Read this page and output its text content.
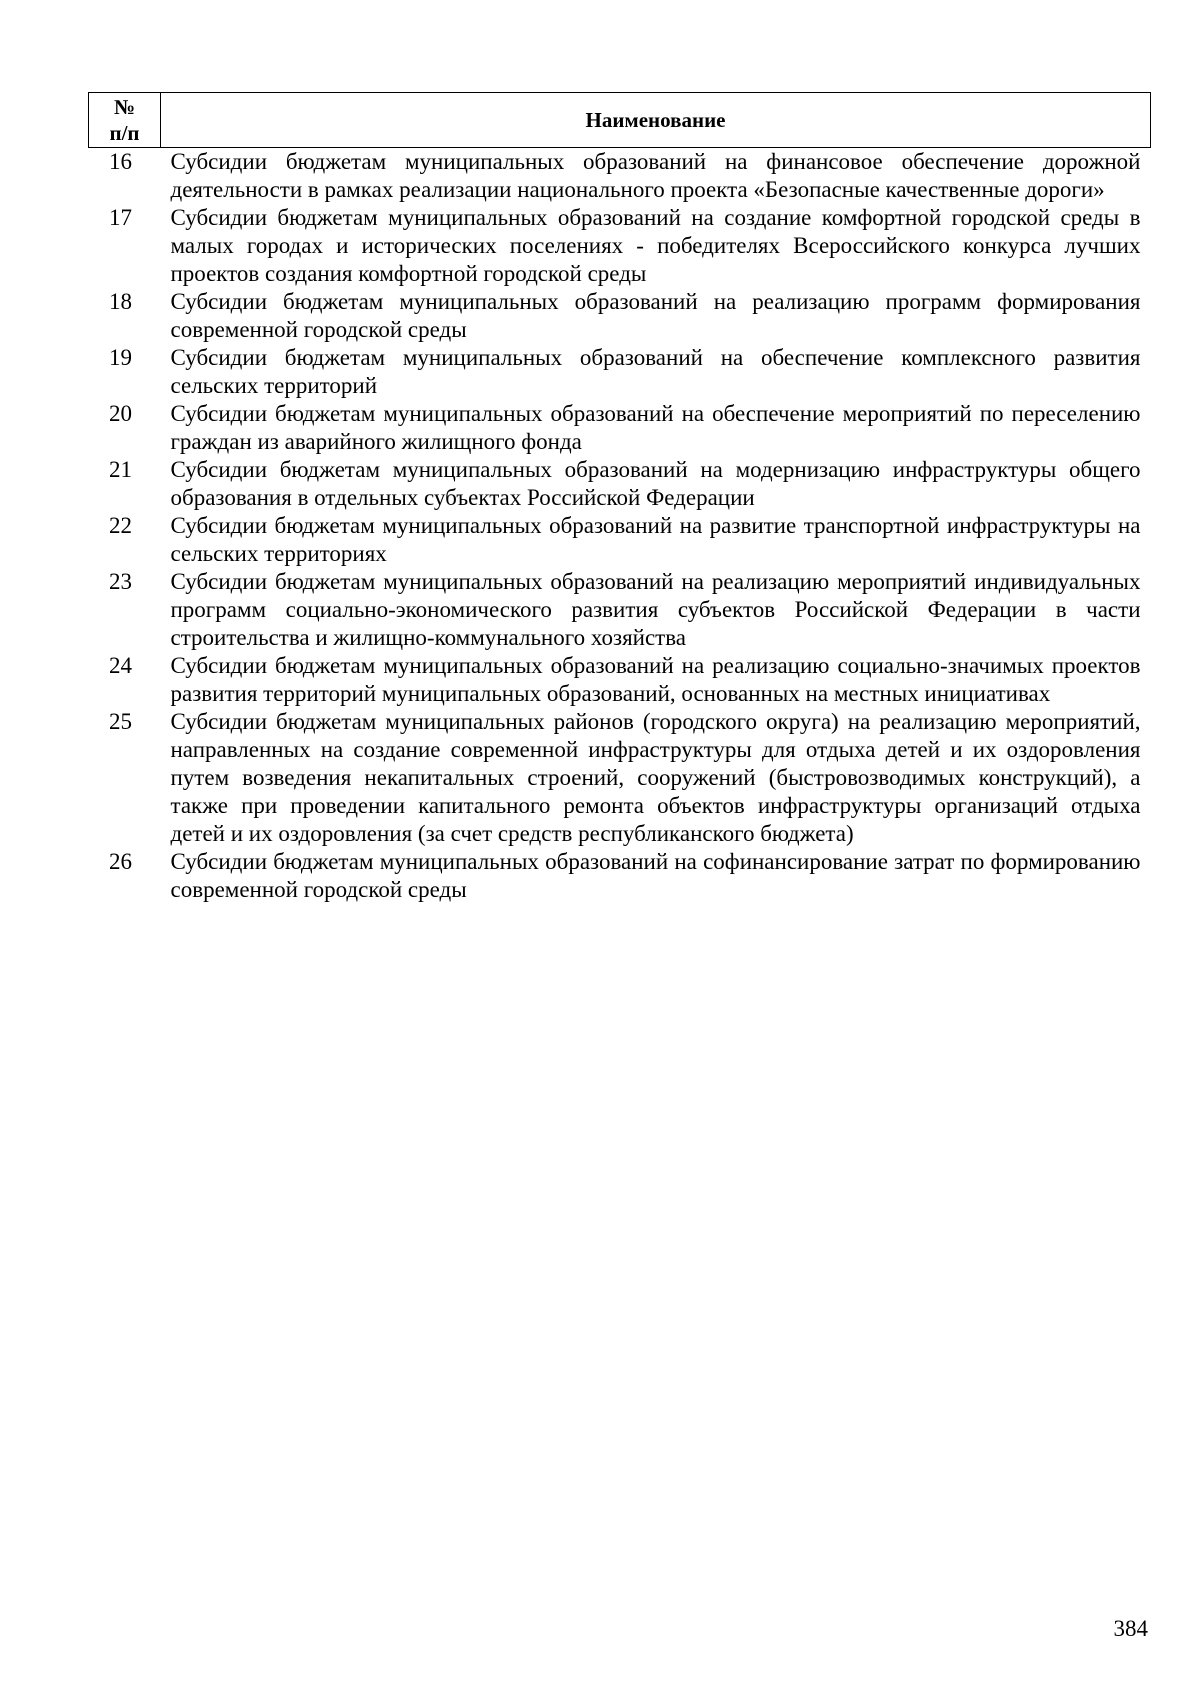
№
п/п	Наименование
16	Субсидии бюджетам муниципальных образований на финансовое обеспечение дорожной деятельности в рамках реализации национального проекта «Безопасные качественные дороги»
17	Субсидии бюджетам муниципальных образований на создание комфортной городской среды в малых городах и исторических поселениях - победителях Всероссийского конкурса лучших проектов создания комфортной городской среды
18	Субсидии бюджетам муниципальных образований на реализацию программ формирования современной городской среды
19	Субсидии бюджетам муниципальных образований на обеспечение комплексного развития сельских территорий
20	Субсидии бюджетам муниципальных образований на обеспечение мероприятий по переселению граждан из аварийного жилищного фонда
21	Субсидии бюджетам муниципальных образований на модернизацию инфраструктуры общего образования в отдельных субъектах Российской Федерации
22	Субсидии бюджетам муниципальных образований на развитие транспортной инфраструктуры на сельских территориях
23	Субсидии бюджетам муниципальных образований на реализацию мероприятий индивидуальных программ социально-экономического развития субъектов Российской Федерации в части строительства и жилищно-коммунального хозяйства
24	Субсидии бюджетам муниципальных образований на реализацию социально-значимых проектов развития территорий муниципальных образований, основанных на местных инициативах
25	Субсидии бюджетам муниципальных районов (городского округа) на реализацию мероприятий, направленных на создание современной инфраструктуры для отдыха детей и их оздоровления путем возведения некапитальных строений, сооружений (быстровозводимых конструкций), а также при проведении капитального ремонта объектов инфраструктуры организаций отдыха детей и их оздоровления (за счет средств республиканского бюджета)
26	Субсидии бюджетам муниципальных образований на софинансирование затрат по формированию современной городской среды
384
